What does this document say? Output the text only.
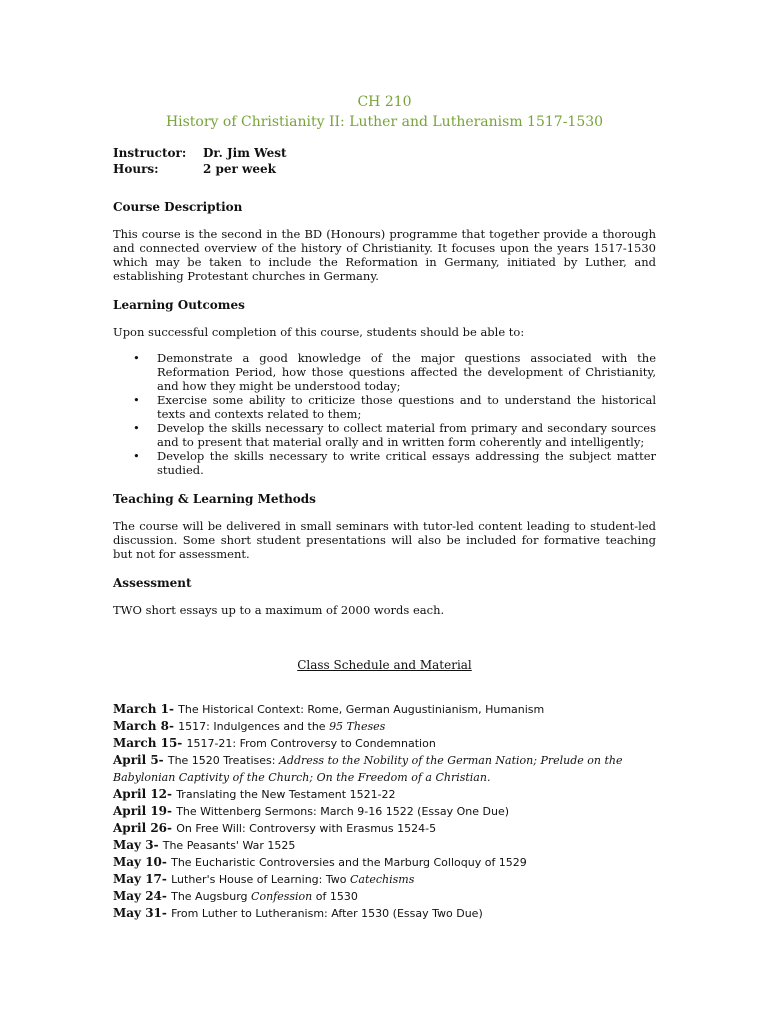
CH 210
History of Christianity II: Luther and Lutheranism 1517-1530
Instructor:	Dr. Jim West
Hours:	2 per week
Course Description

This course is the second in the BD (Honours) programme that together provide a thorough and connected overview of the history of Christianity. It focuses upon the years 1517-1530 which may be taken to include the Reformation in Germany, initiated by Luther, and establishing Protestant churches in Germany.

Learning Outcomes

Upon successful completion of this course, students should be able to:

• Demonstrate a good knowledge of the major questions associated with the Reformation Period, how those questions affected the development of Christianity, and how they might be understood today;
• Exercise some ability to criticize those questions and to understand the historical texts and contexts related to them;
• Develop the skills necessary to collect material from primary and secondary sources and to present that material orally and in written form coherently and intelligently;
• Develop the skills necessary to write critical essays addressing the subject matter studied.
Teaching & Learning Methods

The course will be delivered in small seminars with tutor-led content leading to student-led discussion. Some short student presentations will also be included for formative teaching but not for assessment.

Assessment

TWO short essays up to a maximum of 2000 words each.

Class Schedule and Material
March 1- The Historical Context: Rome, German Augustinianism, Humanism
March 8- 1517: Indulgences and the 95 Theses
March 15- 1517-21: From Controversy to Condemnation
April 5- The 1520 Treatises: Address to the Nobility of the German Nation; Prelude on the Babylonian Captivity of the Church; On the Freedom of a Christian.
April 12- Translating the New Testament 1521-22
April 19- The Wittenberg Sermons: March 9-16 1522 (Essay One Due)
April 26- On Free Will: Controversy with Erasmus 1524-5
May 3- The Peasants' War 1525
May 10- The Eucharistic Controversies and the Marburg Colloquy of 1529
May 17- Luther's House of Learning: Two Catechisms
May 24- The Augsburg Confession of 1530
May 31- From Luther to Lutheranism: After 1530 (Essay Two Due)
